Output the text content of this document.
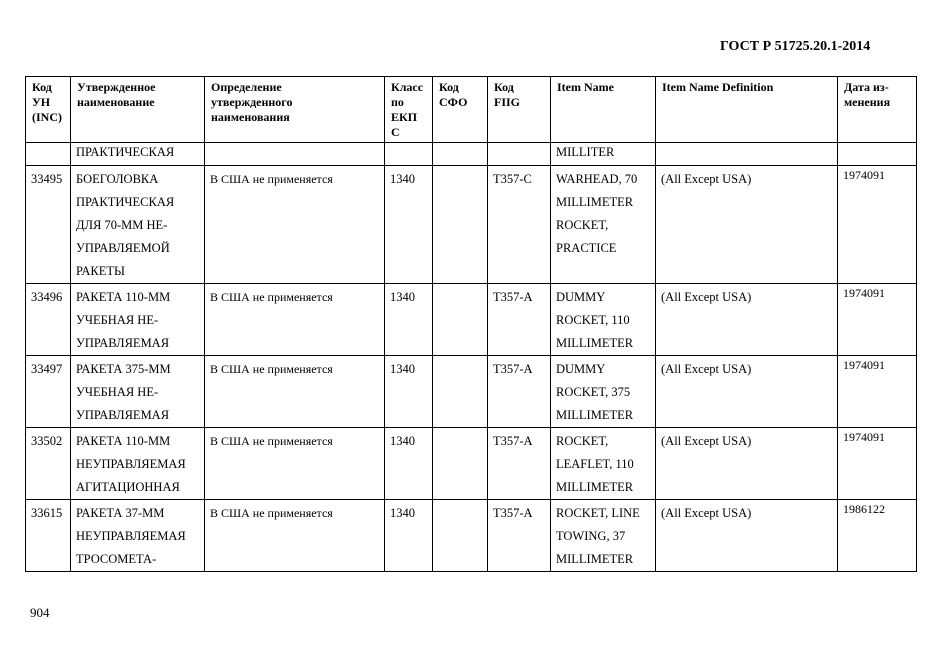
ГОСТ Р 51725.20.1-2014
Код
УН
(INC)	Утвержденное
наименование	Определение
утвержденного
наименования	Класс
по
ЕКП
С	Код
СФО	Код
FIIG	Item Name	Item Name Definition	Дата из-
менения

	ПРАКТИЧЕСКАЯ					MILLITER		

33495	БОЕГОЛОВКА
ПРАКТИЧЕСКАЯ
ДЛЯ 70-ММ НЕ-
УПРАВЛЯЕМОЙ
РАКЕТЫ	В США не применяется	1340		T357-C	WARHEAD, 70
MILLIMETER
ROCKET,
PRACTICE	(All Except USA)	1974091

33496	РАКЕТА 110-ММ
УЧЕБНАЯ НЕ-
УПРАВЛЯЕМАЯ	В США не применяется	1340		T357-A	DUMMY
ROCKET, 110
MILLIMETER	(All Except USA)	1974091

33497	РАКЕТА 375-ММ
УЧЕБНАЯ НЕ-
УПРАВЛЯЕМАЯ	В США не применяется	1340		T357-A	DUMMY
ROCKET, 375
MILLIMETER	(All Except USA)	1974091

33502	РАКЕТА 110-ММ
НЕУПРАВЛЯЕМАЯ
АГИТАЦИОННАЯ	В США не применяется	1340		T357-A	ROCKET,
LEAFLET, 110
MILLIMETER	(All Except USA)	1974091

33615	РАКЕТА 37-ММ
НЕУПРАВЛЯЕМАЯ
ТРОСОМЕТА-	В США не применяется	1340		T357-A	ROCKET, LINE
TOWING, 37
MILLIMETER	(All Except USA)	1986122
904
